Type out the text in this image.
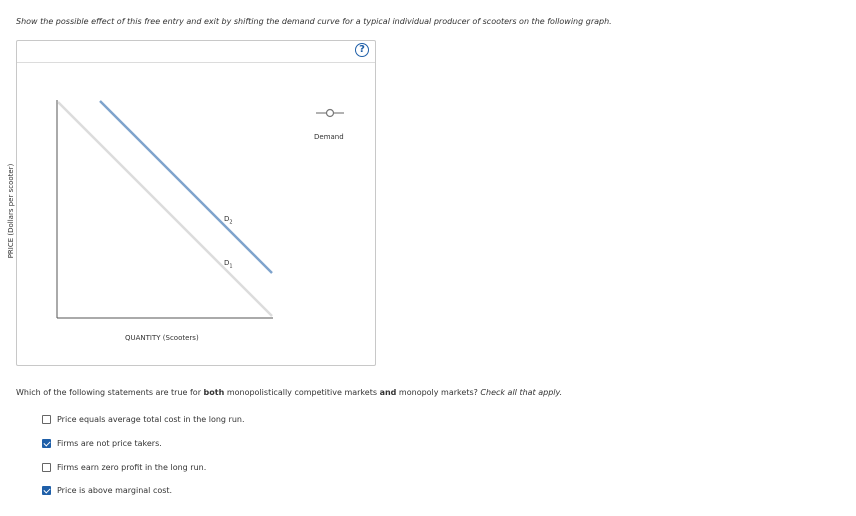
Show the possible effect of this free entry and exit by shifting the demand curve for a typical individual producer of scooters on the following graph.

?
$D_2$
$D_1$
PRICE (Dollars per scooter)
QUANTITY (Scooters)
Demand

Which of the following statements are true for both monopolistically competitive markets and monopoly markets? Check all that apply.

Price equals average total cost in the long run.
Firms are not price takers.
Firms earn zero profit in the long run.
Price is above marginal cost.
